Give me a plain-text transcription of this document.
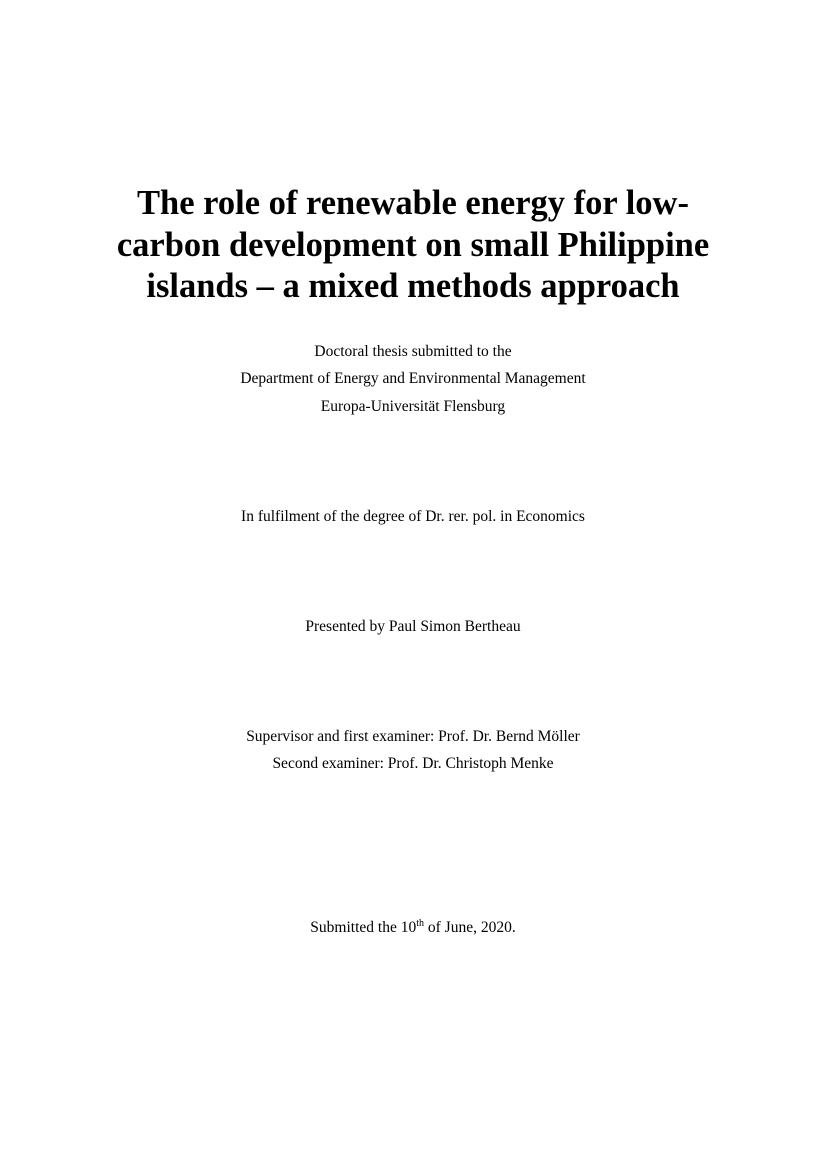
The role of renewable energy for low-
carbon development on small Philippine
islands – a mixed methods approach
Doctoral thesis submitted to the
Department of Energy and Environmental Management
Europa-Universität Flensburg
In fulfilment of the degree of Dr. rer. pol. in Economics
Presented by Paul Simon Bertheau
Supervisor and first examiner: Prof. Dr. Bernd Möller
Second examiner: Prof. Dr. Christoph Menke
Submitted the 10th of June, 2020.
